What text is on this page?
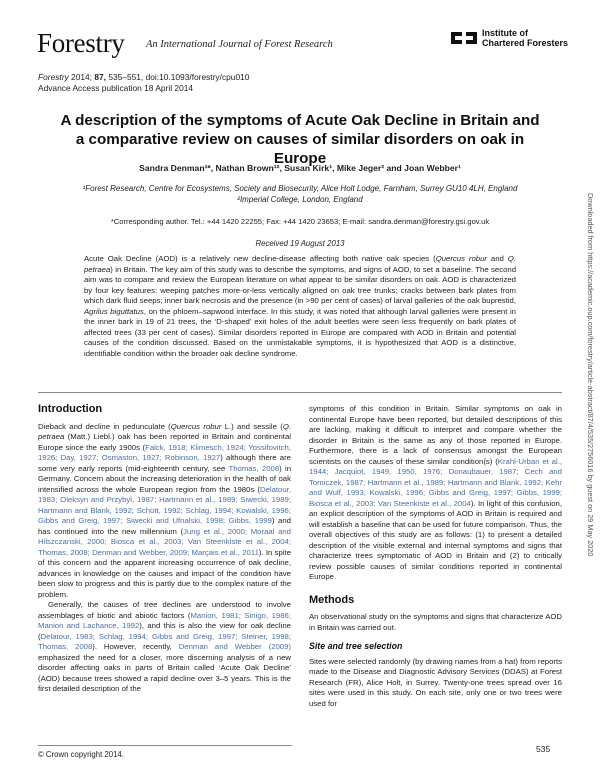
Forestry An International Journal of Forest Research
Institute of
Chartered Foresters
Forestry 2014; 87, 535–551, doi:10.1093/forestry/cpu010
Advance Access publication 18 April 2014
A description of the symptoms of Acute Oak Decline in Britain and a comparative review on causes of similar disorders on oak in Europe
Sandra Denman¹*, Nathan Brown¹², Susan Kirk¹, Mike Jeger² and Joan Webber¹
¹Forest Research, Centre for Ecosystems, Society and Biosecurity, Alice Holt Lodge, Farnham, Surrey GU10 4LH, England
²Imperial College, London, England
*Corresponding author. Tel.: +44 1420 22255; Fax: +44 1420 23653; E-mail: sandra.denman@forestry.gsi.gov.uk
Received 19 August 2013
Acute Oak Decline (AOD) is a relatively new decline-disease affecting both native oak species (Quercus robur and Q. petraea) in Britain. The key aim of this study was to describe the symptoms, and signs of AOD, to set a baseline. The second aim was to compare and review the European literature on what appear to be similar disorders on oak. AOD is characterized by four key features: weeping patches more-or-less vertically aligned on oak tree trunks; cracks between bark plates from which dark fluid seeps; inner bark necrosis and the presence (in >90 per cent of cases) of larval galleries of the oak buprestid, Agrilus biguttatus, on the phloem–sapwood interface. In this study, it was noted that although larval galleries were present in the inner bark in 19 of 21 trees, the ‘D-shaped’ exit holes of the adult beetles were seen less frequently on bark plates of affected trees (33 per cent of cases). Similar disorders reported in Europe are compared with AOD in Britain and potential causes of the condition discussed. Based on the unmistakable symptoms, it is hypothesized that AOD is a distinctive, identifiable condition within the broader oak decline syndrome.
Introduction

Dieback and decline in pedunculate (Quercus robur L.) and sessile (Q. petraea (Matt.) Liebl.) oak has been reported in Britain and continental Europe since the early 1900s (Falck, 1918; Klimesch, 1924; Yossifovitch, 1926; Day, 1927; Osmaston, 1927; Robinson, 1927) although there are some very early reports (mid-eighteenth century, see Thomas, 2008) in Germany. Concern about the increasing deterioration in the health of oak intensified across the whole European region from the 1980s (Delatour, 1983; Oleksyn and Przybyl, 1987; Hartmann et al., 1989; Siwecki, 1989; Hartmann and Blank, 1992; Schütt, 1992; Schlag, 1994; Kowalski, 1996; Gibbs and Greig, 1997; Siwecki and Ufnalski, 1998; Gibbs, 1999) and has continued into the new millennium (Jung et al., 2000; Moraal and Hilszczanski, 2000; Biosca et al., 2003; Van Steenkiste et al., 2004; Thomas, 2008; Denman and Webber, 2009; Marçais et al., 2011). In spite of this concern and the apparent increasing occurrence of oak decline, advances in knowledge on the causes and impact of the condition have been slow to progress and this is partly due to the complex nature of the problem.

Generally, the causes of tree declines are understood to involve assemblages of biotic and abiotic factors (Manion, 1981; Sinigo, 1986; Manion and Lachance, 1992), and this is also the view for oak decline (Delatour, 1983; Schlag, 1994; Gibbs and Greig, 1997; Steiner, 1998; Thomas, 2008). However, recently, Denman and Webber (2009) emphasized the need for a closer, more discerning analysis of a new disorder affecting oaks in parts of Britain called ‘Acute Oak Decline’ (AOD) because trees showed a rapid decline over 3–5 years. This is the first detailed description of the

symptoms of this condition in Britain. Similar symptoms on oak in continental Europe have been reported, but detailed descriptions of this are lacking, making it difficult to interpret and compare whether the disorder in Britain is the same as any of those reported in Europe. Furthermore, there is a lack of consensus amongst the European scientists on the causes of these similar condition(s) (Krahl-Urban et al., 1944; Jacquiot, 1949, 1950, 1976; Donaubauer, 1987; Cech and Tomiczek, 1987; Hartmann et al., 1989; Hartmann and Blank, 1992; Kehr and Wulf, 1993; Kowalski, 1996; Gibbs and Greig, 1997; Gibbs, 1999; Biosca et al., 2003; Van Steenkiste et al., 2004). In light of this confusion, an explicit description of the symptoms of AOD in Britain is required and will establish a baseline that can be used for future comparison. Thus, the overall objectives of this study are as follows: (1) to present a detailed description of the visible external and internal symptoms and signs that characterize trees symptomatic of AOD in Britain and (2) to critically review possible causes of similar conditions reported in continental Europe.

Methods

An observational study on the symptoms and signs that characterize AOD in Britain was carried out.

Site and tree selection

Sites were selected randomly (by drawing names from a hat) from reports made to the Disease and Diagnostic Advisory Services (DDAS) at Forest Research (FR), Alice Holt, in Surrey. Twenty-one trees spread over 16 sites were used in this study. On each site, only one or two trees were used for

© Crown copyright 2014.
535
Downloaded from https://academic.oup.com/forestry/article-abstract/87/4/535/2756016 by guest on 29 May 2020
